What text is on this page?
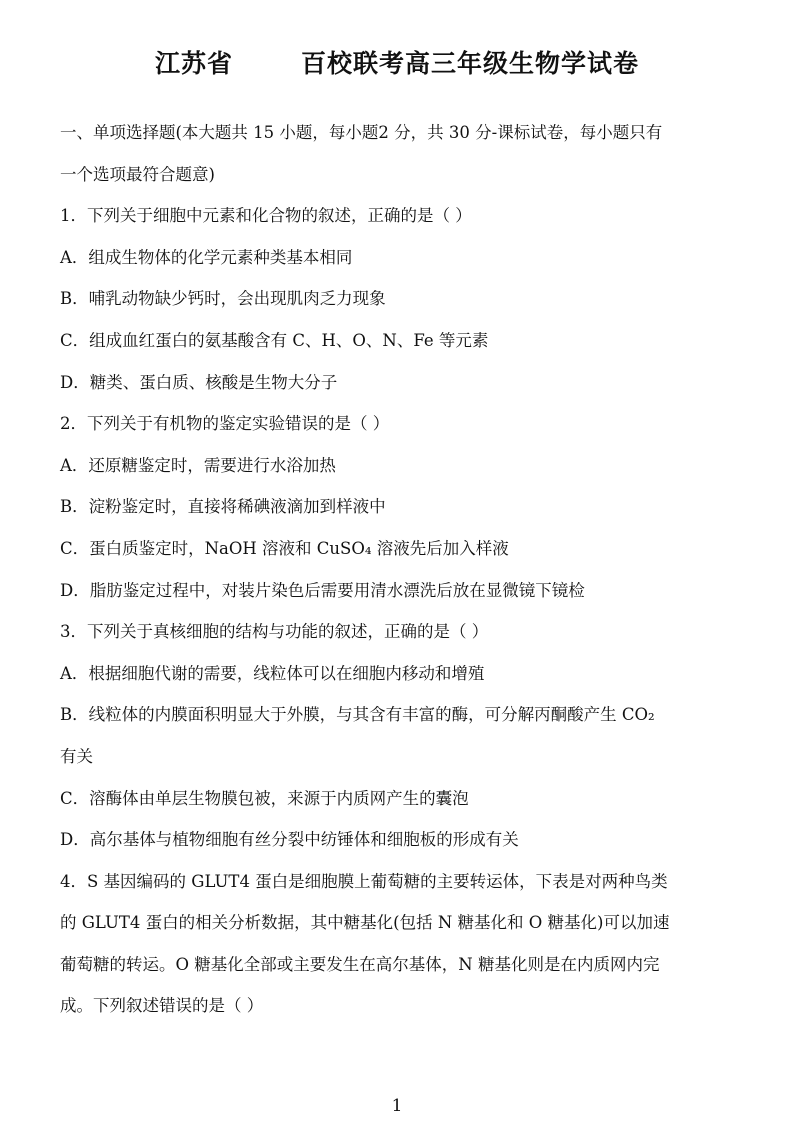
江苏省	百校联考高三年级生物学试卷
一、单项选择题(本大题共 15 小题，每小题2 分，共 30 分-课标试卷，每小题只有
一个选项最符合题意)
1．下列关于细胞中元素和化合物的叙述，正确的是（ ）
A．组成生物体的化学元素种类基本相同
B．哺乳动物缺少钙时，会出现肌肉乏力现象
C．组成血红蛋白的氨基酸含有 C、H、O、N、Fe 等元素
D．糖类、蛋白质、核酸是生物大分子
2．下列关于有机物的鉴定实验错误的是（ ）
A．还原糖鉴定时，需要进行水浴加热
B．淀粉鉴定时，直接将稀碘液滴加到样液中
C．蛋白质鉴定时，NaOH 溶液和 CuSO₄ 溶液先后加入样液
D．脂肪鉴定过程中，对装片染色后需要用清水漂洗后放在显微镜下镜检
3．下列关于真核细胞的结构与功能的叙述，正确的是（ ）
A．根据细胞代谢的需要，线粒体可以在细胞内移动和增殖
B．线粒体的内膜面积明显大于外膜，与其含有丰富的酶，可分解丙酮酸产生 CO₂
有关
C．溶酶体由单层生物膜包被，来源于内质网产生的囊泡
D．高尔基体与植物细胞有丝分裂中纺锤体和细胞板的形成有关
4．S 基因编码的 GLUT4 蛋白是细胞膜上葡萄糖的主要转运体，下表是对两种鸟类
的 GLUT4 蛋白的相关分析数据，其中糖基化(包括 N 糖基化和 O 糖基化)可以加速
葡萄糖的转运。O 糖基化全部或主要发生在高尔基体，N 糖基化则是在内质网内完
成。下列叙述错误的是（ ）
1
